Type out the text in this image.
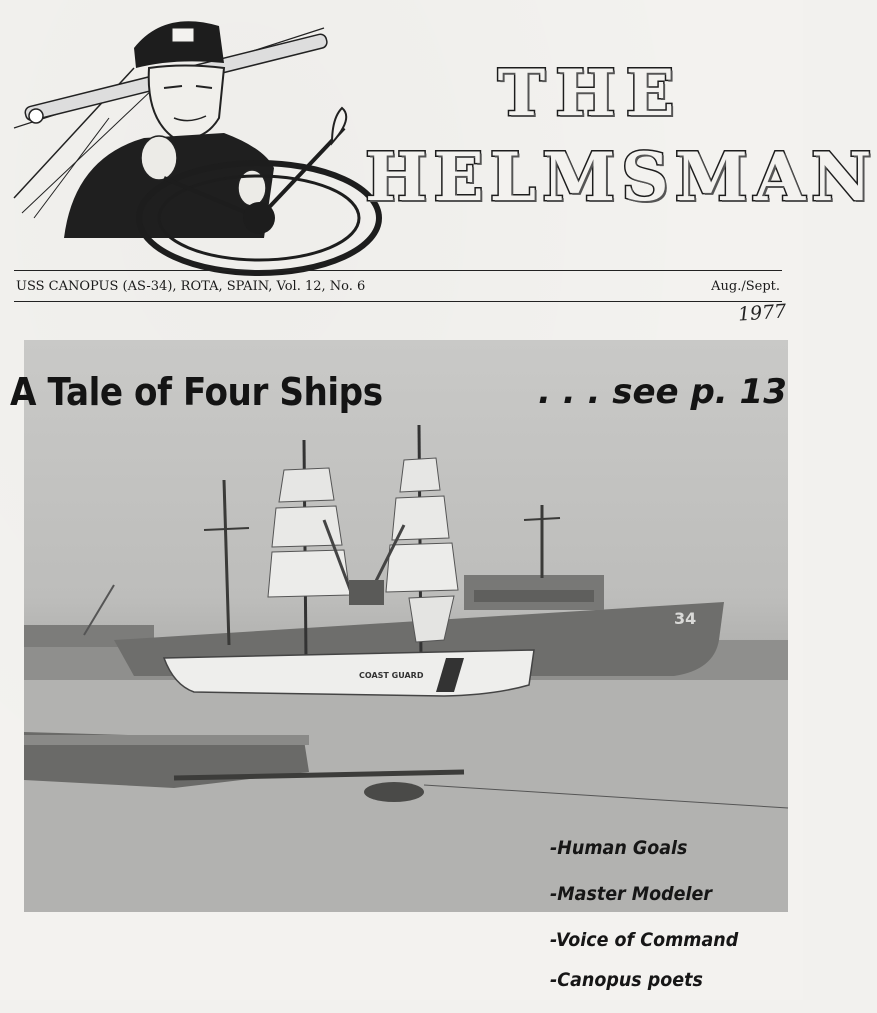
THE
HELMSMAN
USS CANOPUS (AS-34), ROTA, SPAIN, Vol. 12, No. 6	Aug./Sept.
1977
34
COAST GUARD
A Tale of Four Ships	. . . see p. 13
-Human Goals
-Master Modeler
-Voice of Command
-Canopus poets
